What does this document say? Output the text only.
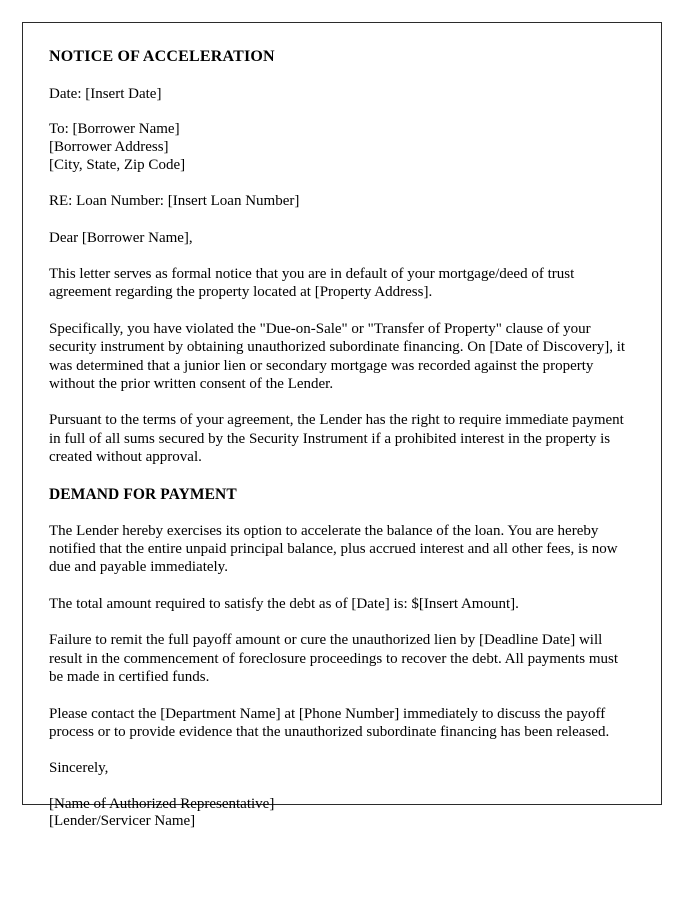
NOTICE OF ACCELERATION
Date: [Insert Date]
To: [Borrower Name]
[Borrower Address]
[City, State, Zip Code]
RE: Loan Number: [Insert Loan Number]
Dear [Borrower Name],
This letter serves as formal notice that you are in default of your mortgage/deed of trust agreement regarding the property located at [Property Address].
Specifically, you have violated the "Due-on-Sale" or "Transfer of Property" clause of your security instrument by obtaining unauthorized subordinate financing. On [Date of Discovery], it was determined that a junior lien or secondary mortgage was recorded against the property without the prior written consent of the Lender.
Pursuant to the terms of your agreement, the Lender has the right to require immediate payment in full of all sums secured by the Security Instrument if a prohibited interest in the property is created without approval.
DEMAND FOR PAYMENT
The Lender hereby exercises its option to accelerate the balance of the loan. You are hereby notified that the entire unpaid principal balance, plus accrued interest and all other fees, is now due and payable immediately.
The total amount required to satisfy the debt as of [Date] is: $[Insert Amount].
Failure to remit the full payoff amount or cure the unauthorized lien by [Deadline Date] will result in the commencement of foreclosure proceedings to recover the debt. All payments must be made in certified funds.
Please contact the [Department Name] at [Phone Number] immediately to discuss the payoff process or to provide evidence that the unauthorized subordinate financing has been released.
Sincerely,
[Name of Authorized Representative]
[Lender/Servicer Name]
